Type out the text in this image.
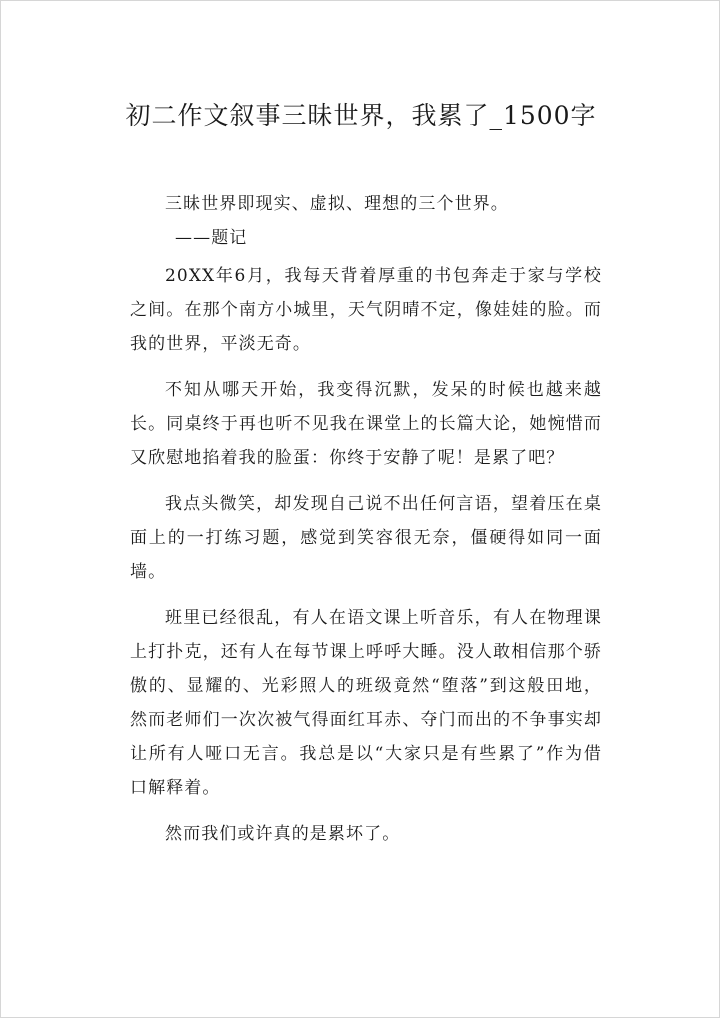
初二作文叙事三昧世界，我累了_1500字

三昧世界即现实、虚拟、理想的三个世界。

——题记

20XX年6月，我每天背着厚重的书包奔走于家与学校之间。在那个南方小城里，天气阴晴不定，像娃娃的脸。而我的世界，平淡无奇。

不知从哪天开始，我变得沉默，发呆的时候也越来越长。同桌终于再也听不见我在课堂上的长篇大论，她惋惜而又欣慰地掐着我的脸蛋：你终于安静了呢！是累了吧？

我点头微笑，却发现自己说不出任何言语，望着压在桌面上的一打练习题，感觉到笑容很无奈，僵硬得如同一面墙。

班里已经很乱，有人在语文课上听音乐，有人在物理课上打扑克，还有人在每节课上呼呼大睡。没人敢相信那个骄傲的、显耀的、光彩照人的班级竟然“堕落”到这般田地，然而老师们一次次被气得面红耳赤、夺门而出的不争事实却让所有人哑口无言。我总是以“大家只是有些累了”作为借口解释着。

然而我们或许真的是累坏了。
